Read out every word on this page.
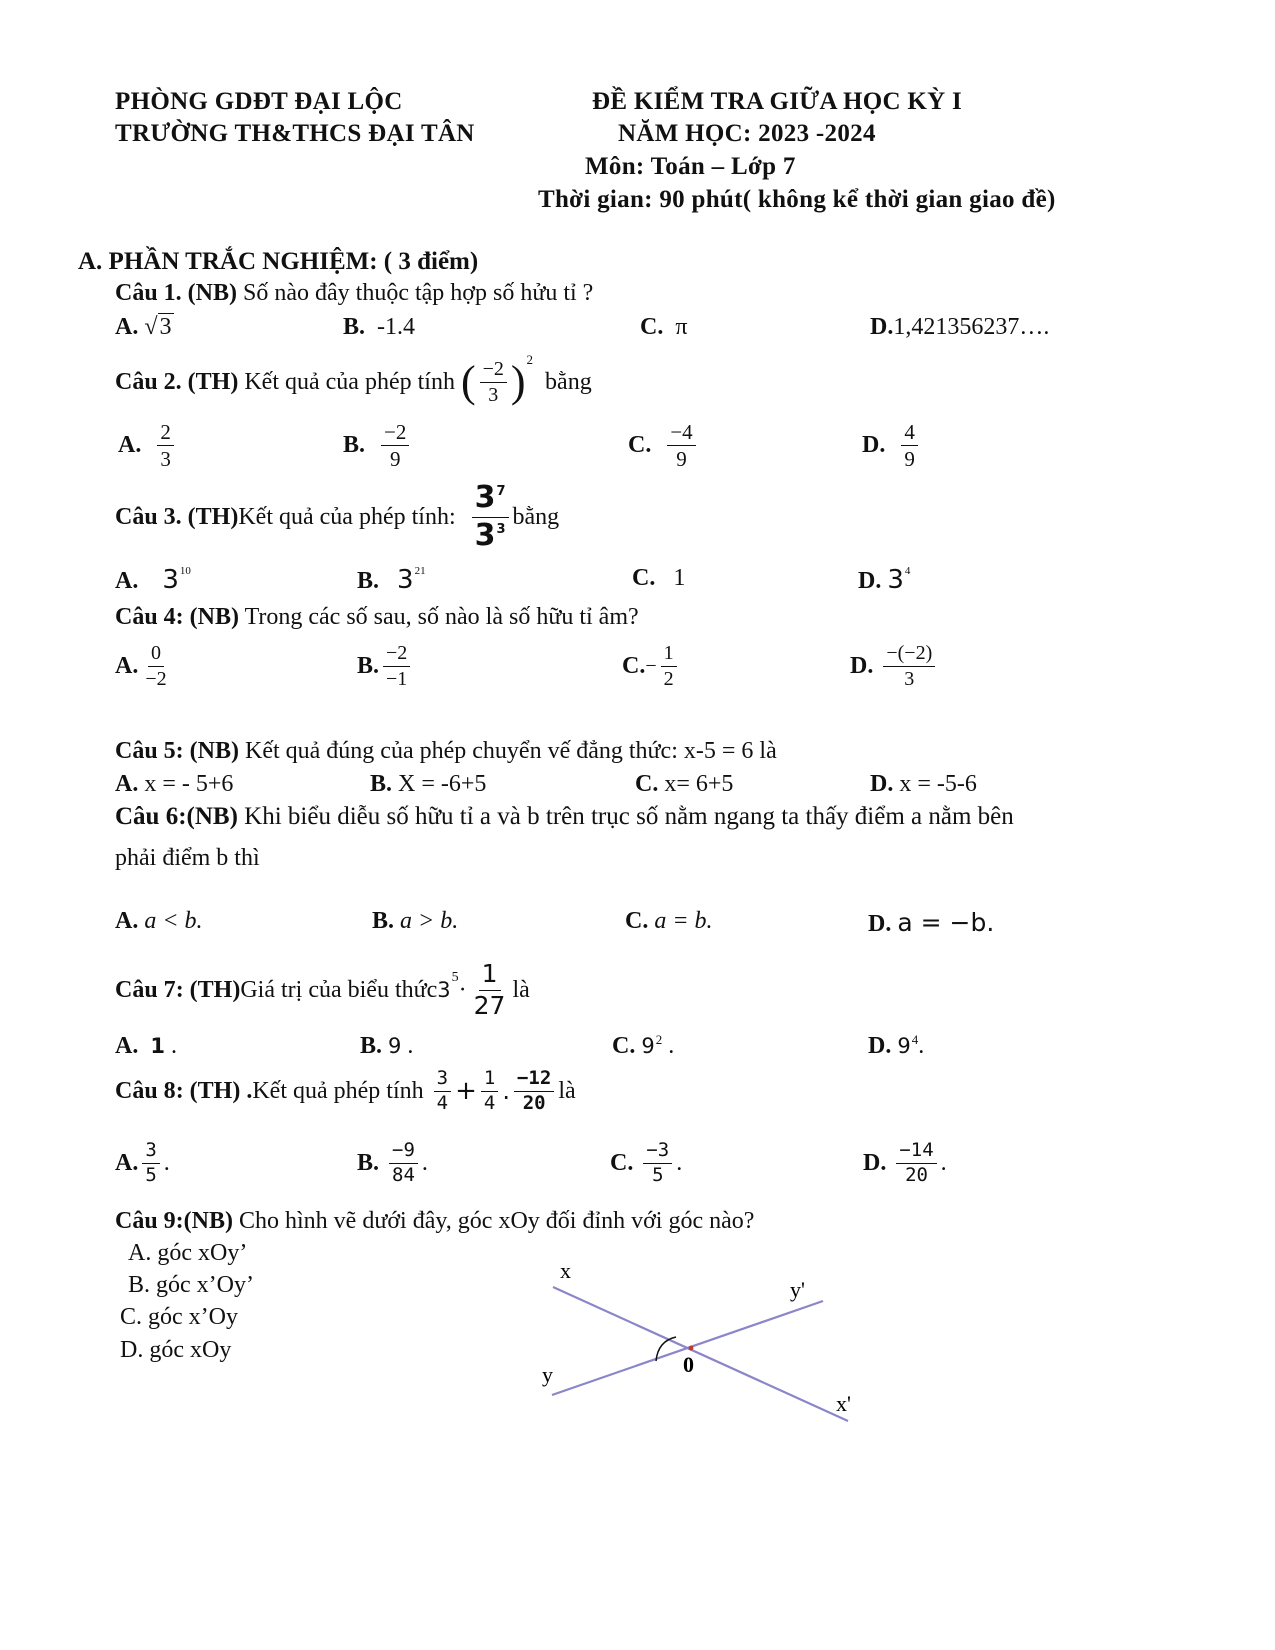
PHÒNG GDĐT ĐẠI LỘC
TRƯỜNG TH&THCS ĐẠI TÂN
ĐỀ KIỂM TRA GIỮA HỌC KỲ I
NĂM HỌC: 2023 -2024
Môn: Toán – Lớp 7
Thời gian: 90 phút( không kể thời gian giao đề)
A. PHẦN TRẮC NGHIỆM: ( 3 điểm)
Câu 1. (NB) Số nào đây thuộc tập hợp số hửu tỉ ?
A. √3	B. -1.4	C. π	D.1,421356237….
Câu 2. (TH)
Kết quả của phép tính
( $\frac{-2}{3}$ ) 2

bằng
A.
$\frac{2}{3}$	B.
$\frac{-2}{9}$	C.
$\frac{-4}{9}$	D.
$\frac{4}{9}$
Câu 3. (TH) Kết quả của phép tính:
$\frac{3^7}{3^3}$ bằng
A. $3^{10}$	B. $3^{21}$	C. 1	D. $3^4$
Câu 4: (NB) Trong các số sau, số nào là số hữu tỉ âm?
A. $\frac{0}{-2}$	B. $\frac{-2}{-1}$	C. − $\frac{1}{2}$	D.
$\frac{-(-2)}{3}$
Câu 5: (NB) Kết quả đúng của phép chuyển vế đẳng thức: x-5 = 6 là
A. x = - 5+6	B. X = -6+5	C. x= 6+5	D. x = -5-6
Câu 6:(NB) Khi biểu diễu số hữu tỉ a và b trên trục số nằm ngang ta thấy điểm a nằm bên
phải điểm b thì
A. a < b.	B. a > b.	C. a = b.	D. a = −b.
Câu 7 : (TH) Giá trị của biểu thức 3
$5 \cdot \frac{1}{27}$ là
A. 1 .	B. 9 .	C. $9^2$ .	D. $9^4$.
Câu 8 : (TH) . Kết quả phép tính
$\frac{3}{4} + \frac{1}{4}$ . $\frac{-12}{20}$ là
A. $\frac{3}{5}$ .	B.
$\frac{-9}{84}$ .	C.
$\frac{-3}{5}$ .	D.
$\frac{-14}{20}$ .
Câu 9:(NB) Cho hình vẽ dưới đây, góc xOy đối đỉnh với góc nào?
A. góc xOy’
B. góc x’Oy’
C. góc x’Oy
D. góc xOy
x
y'
0
y
x'
